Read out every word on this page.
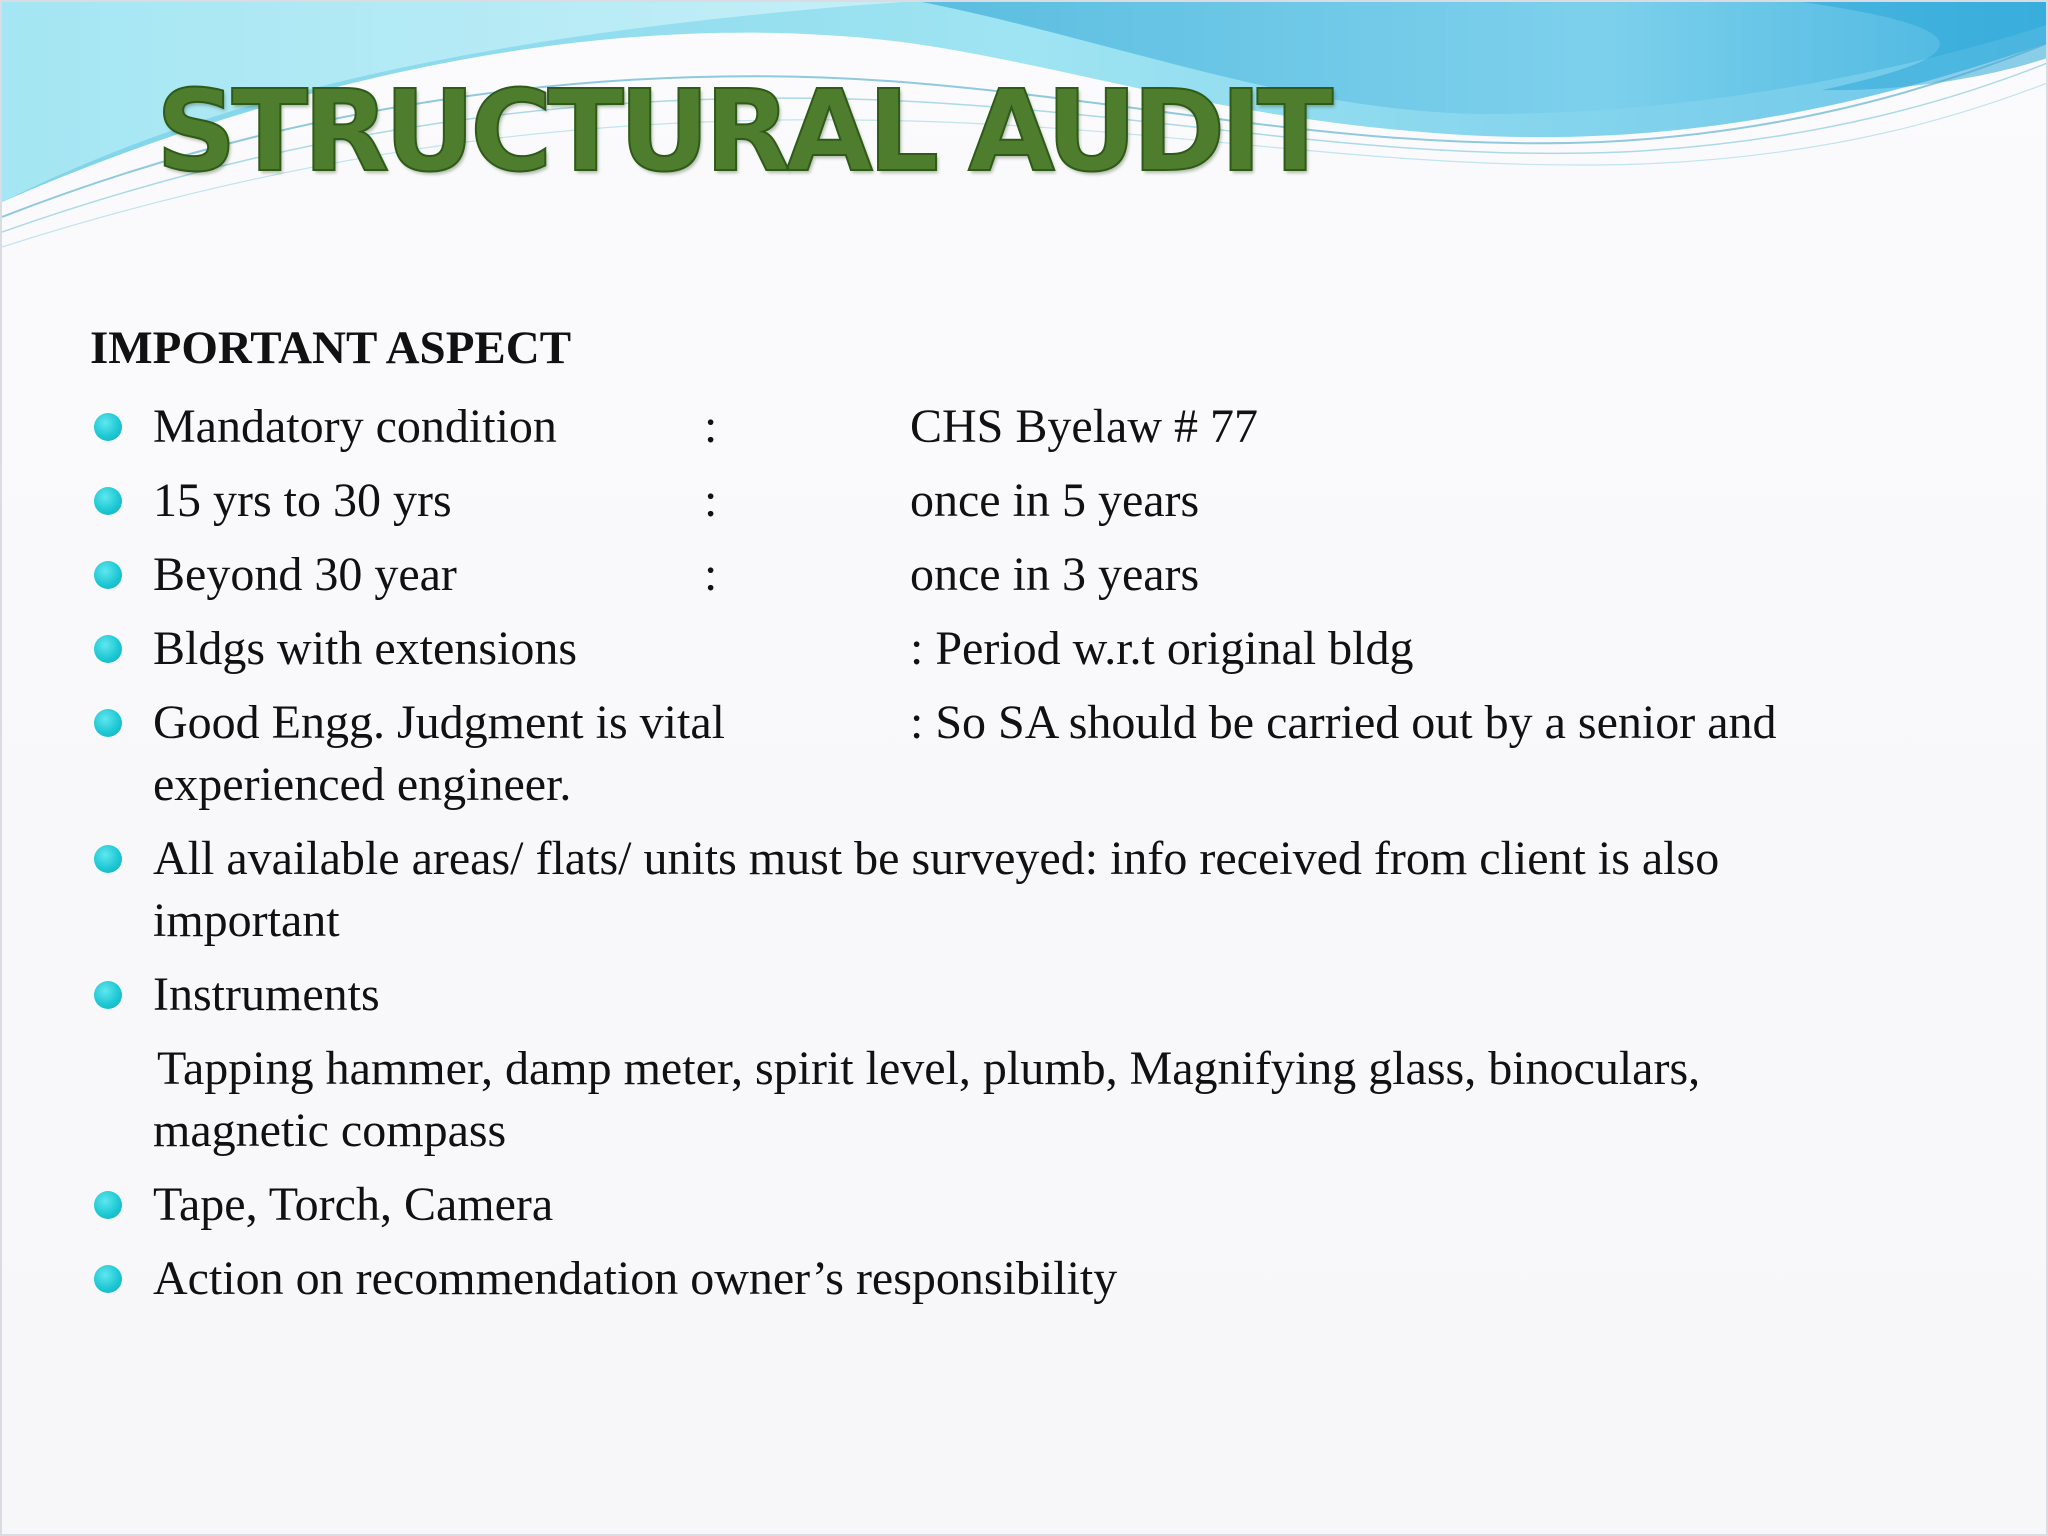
STRUCTURAL AUDIT
IMPORTANT ASPECT
Mandatory condition	:	CHS Byelaw # 77
15 yrs to 30 yrs	:	once in 5 years
Beyond 30 year	:	once in 3 years
Bldgs with extensions	: Period w.r.t original bldg
Good Engg. Judgment is vital	: So SA should be carried out by a senior and
experienced engineer.
All available areas/ flats/ units must be surveyed: info received from client is also
important
Instruments
Tapping hammer, damp meter, spirit level, plumb, Magnifying glass, binoculars,
magnetic compass
Tape, Torch, Camera
Action on recommendation owner’s responsibility
